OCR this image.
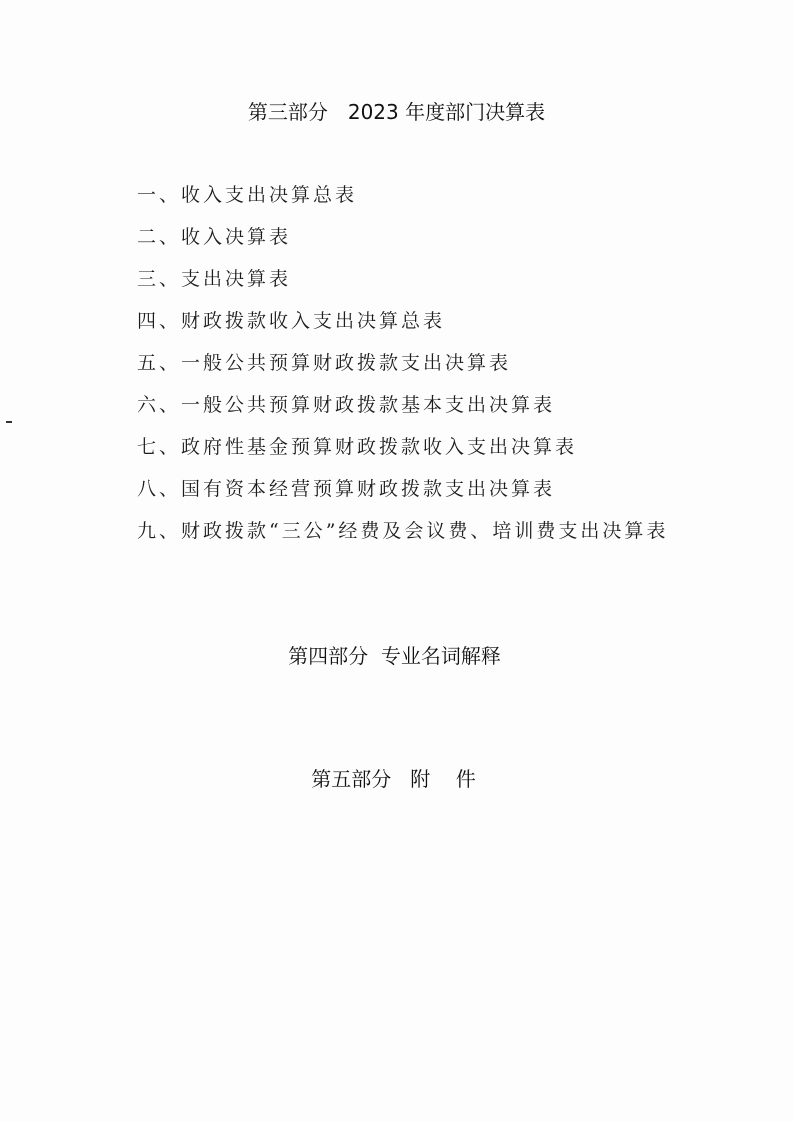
第三部分　2023 年度部门决算表
一、收入支出决算总表
二、收入决算表
三、支出决算表
四、财政拨款收入支出决算总表
五、一般公共预算财政拨款支出决算表
六、一般公共预算财政拨款基本支出决算表
七、政府性基金预算财政拨款收入支出决算表
八、国有资本经营预算财政拨款支出决算表
九、财政拨款“三公”经费及会议费、培训费支出决算表
第四部分  专业名词解释
第五部分   附    件
